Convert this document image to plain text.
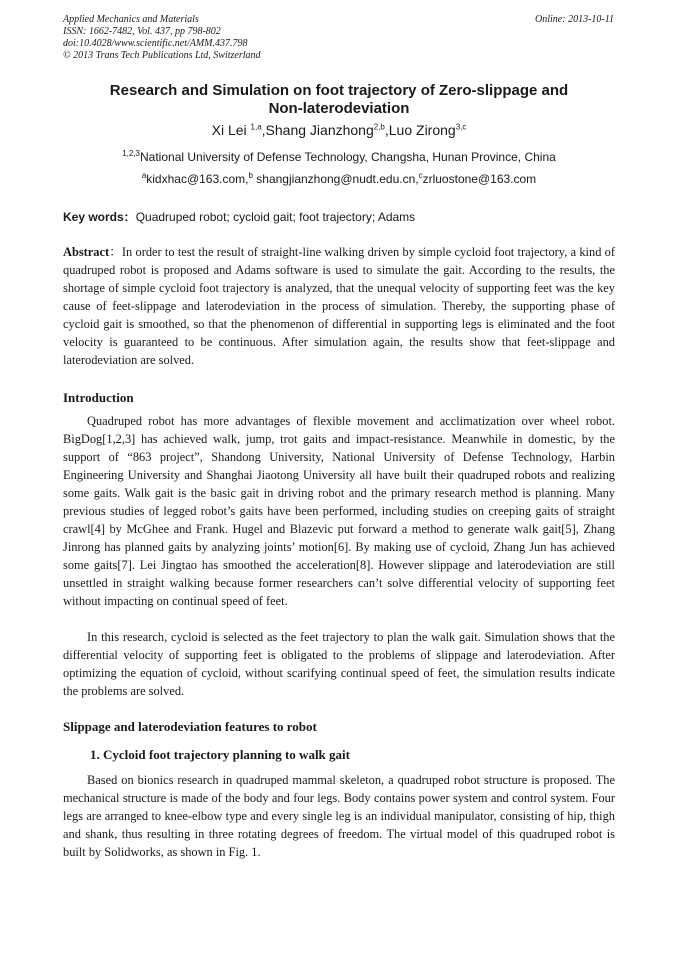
Applied Mechanics and Materials
ISSN: 1662-7482, Vol. 437, pp 798-802
doi:10.4028/www.scientific.net/AMM.437.798
© 2013 Trans Tech Publications Ltd, Switzerland
Online: 2013-10-11
Research and Simulation on foot trajectory of Zero-slippage and
Non-laterodeviation
Xi Lei $^{1,a}$,Shang Jianzhong$^{2,b}$,Luo Zirong$^{3,c}$
$^{1,2,3}$National University of Defense Technology, Changsha, Hunan Province, China
$^a$kidxhac@163.com,$^b$ shangjianzhong@nudt.edu.cn,$^c$zrluostone@163.com
Key words：Quadruped robot; cycloid gait; foot trajectory; Adams
Abstract：In order to test the result of straight-line walking driven by simple cycloid foot trajectory, a kind of quadruped robot is proposed and Adams software is used to simulate the gait. According to the results, the shortage of simple cycloid foot trajectory is analyzed, that the unequal velocity of supporting feet was the key cause of feet-slippage and laterodeviation in the process of simulation. Thereby, the supporting phase of cycloid gait is smoothed, so that the phenomenon of differential in supporting legs is eliminated and the foot velocity is guaranteed to be continuous. After simulation again, the results show that feet-slippage and laterodeviation are solved.
Introduction
Quadruped robot has more advantages of flexible movement and acclimatization over wheel robot. BigDog[1,2,3] has achieved walk, jump, trot gaits and impact-resistance. Meanwhile in domestic, by the support of “863 project”, Shandong University, National University of Defense Technology, Harbin Engineering University and Shanghai Jiaotong University all have built their quadruped robots and realizing some gaits. Walk gait is the basic gait in driving robot and the primary research method is planning. Many previous studies of legged robot’s gaits have been performed, including studies on creeping gaits of straight crawl[4] by McGhee and Frank. Hugel and Blazevic put forward a method to generate walk gait[5], Zhang Jinrong has planned gaits by analyzing joints’ motion[6]. By making use of cycloid, Zhang Jun has achieved some gaits[7]. Lei Jingtao has smoothed the acceleration[8]. However slippage and laterodeviation are still unsettled in straight walking because former researchers can’t solve differential velocity of supporting feet without impacting on continual speed of feet.
In this research, cycloid is selected as the feet trajectory to plan the walk gait. Simulation shows that the differential velocity of supporting feet is obligated to the problems of slippage and laterodeviation. After optimizing the equation of cycloid, without scarifying continual speed of feet, the simulation results indicate the problems are solved.
Slippage and laterodeviation features to robot
1. Cycloid foot trajectory planning to walk gait
Based on bionics research in quadruped mammal skeleton, a quadruped robot structure is proposed. The mechanical structure is made of the body and four legs. Body contains power system and control system. Four legs are arranged to knee-elbow type and every single leg is an individual manipulator, consisting of hip, thigh and shank, thus resulting in three rotating degrees of freedom. The virtual model of this quadruped robot is built by Solidworks, as shown in Fig. 1.
